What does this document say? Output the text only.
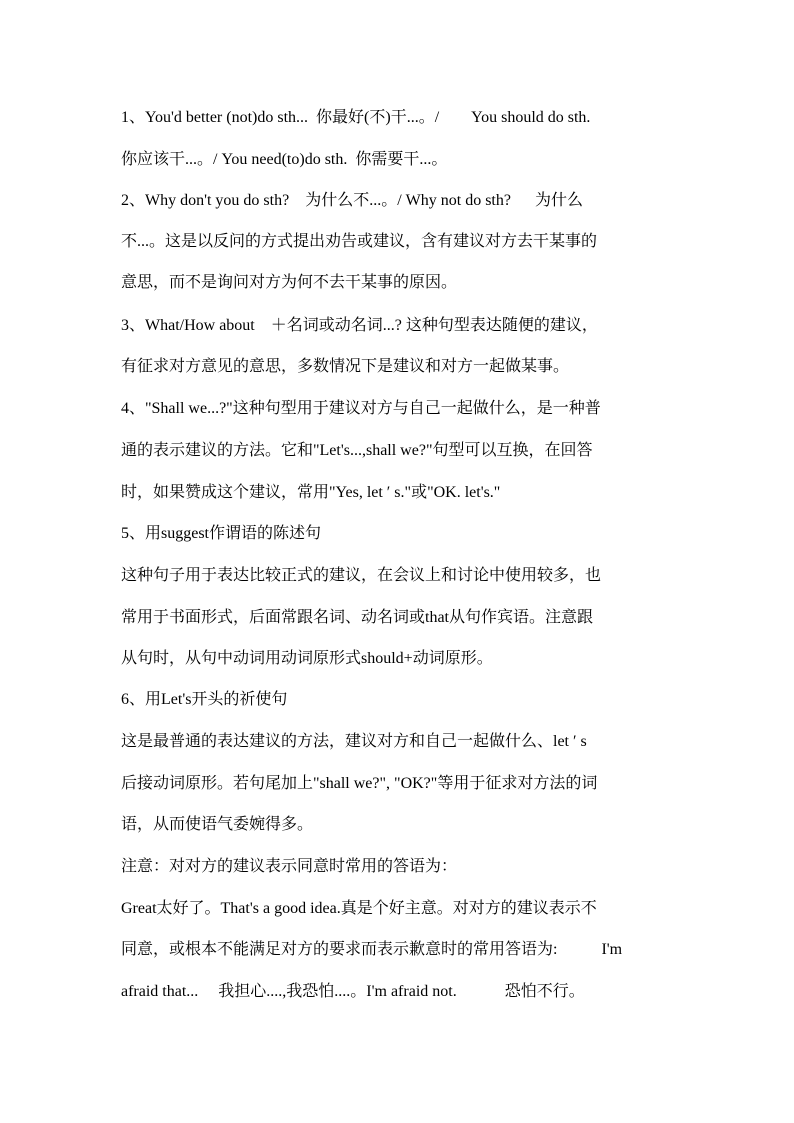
1、You'd better (not)do sth...  你最好(不)干...。/        You should do sth.
你应该干...。/ You need(to)do sth.  你需要干...。
2、Why don't you do sth?    为什么不...。/ Why not do sth?      为什么
不...。这是以反问的方式提出劝告或建议，含有建议对方去干某事的
意思，而不是询问对方为何不去干某事的原因。
3、What/How about    ＋名词或动名词...? 这种句型表达随便的建议，
有征求对方意见的意思，多数情况下是建议和对方一起做某事。
4、"Shall we...?"这种句型用于建议对方与自己一起做什么，是一种普
通的表示建议的方法。它和"Let's...,shall we?"句型可以互换，在回答
时，如果赞成这个建议，常用"Yes, let ′ s."或"OK. let's."
5、用suggest作谓语的陈述句
这种句子用于表达比较正式的建议，在会议上和讨论中使用较多，也
常用于书面形式，后面常跟名词、动名词或that从句作宾语。注意跟
从句时，从句中动词用动词原形式should+动词原形。
6、用Let's开头的祈使句
这是最普通的表达建议的方法，建议对方和自己一起做什么、let ′ s
后接动词原形。若句尾加上"shall we?", "OK?"等用于征求对方法的词
语，从而使语气委婉得多。
注意：对对方的建议表示同意时常用的答语为：
Great太好了。That's a good idea.真是个好主意。对对方的建议表示不
同意，或根本不能满足对方的要求而表示歉意时的常用答语为:           I'm
afraid that...     我担心....,我恐怕....。I'm afraid not.            恐怕不行。
